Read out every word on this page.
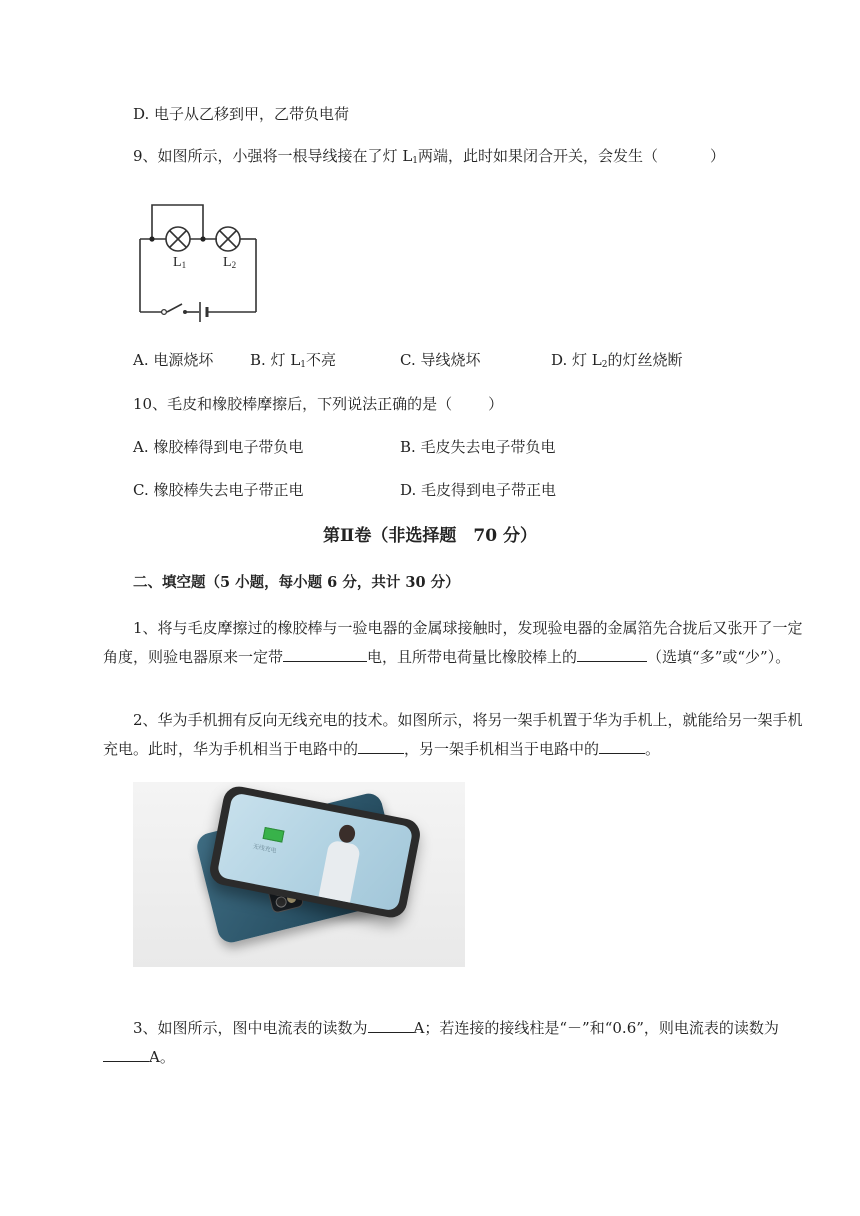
D. 电子从乙移到甲，乙带负电荷
9、如图所示，小强将一根导线接在了灯 $L_1$两端，此时如果闭合开关，会发生（	）
L1	L2
A. 电源烧坏 B. 灯 $L_1$不亮	C. 导线烧坏	D. 灯 $L_2$的灯丝烧断
10、毛皮和橡胶棒摩擦后，下列说法正确的是（ ）
A. 橡胶棒得到电子带负电	B. 毛皮失去电子带负电
C. 橡胶棒失去电子带正电	D. 毛皮得到电子带正电
第Ⅱ卷（非选择题　70 分）
二、填空题（5 小题，每小题 6 分，共计 30 分）
1、将与毛皮摩擦过的橡胶棒与一验电器的金属球接触时，发现验电器的金属箔先合拢后又张开了一定角度，则验电器原来一定带	电，且所带电荷量比橡胶棒上的	（选填“多”或“少”）。
2、华为手机拥有反向无线充电的技术。如图所示，将另一架手机置于华为手机上，就能给另一架手机充电。此时，华为手机相当于电路中的	，另一架手机相当于电路中的	。
无线充电
3、如图所示，图中电流表的读数为	A；若连接的接线柱是“－”和“0.6”，则电流表的读数为A。
